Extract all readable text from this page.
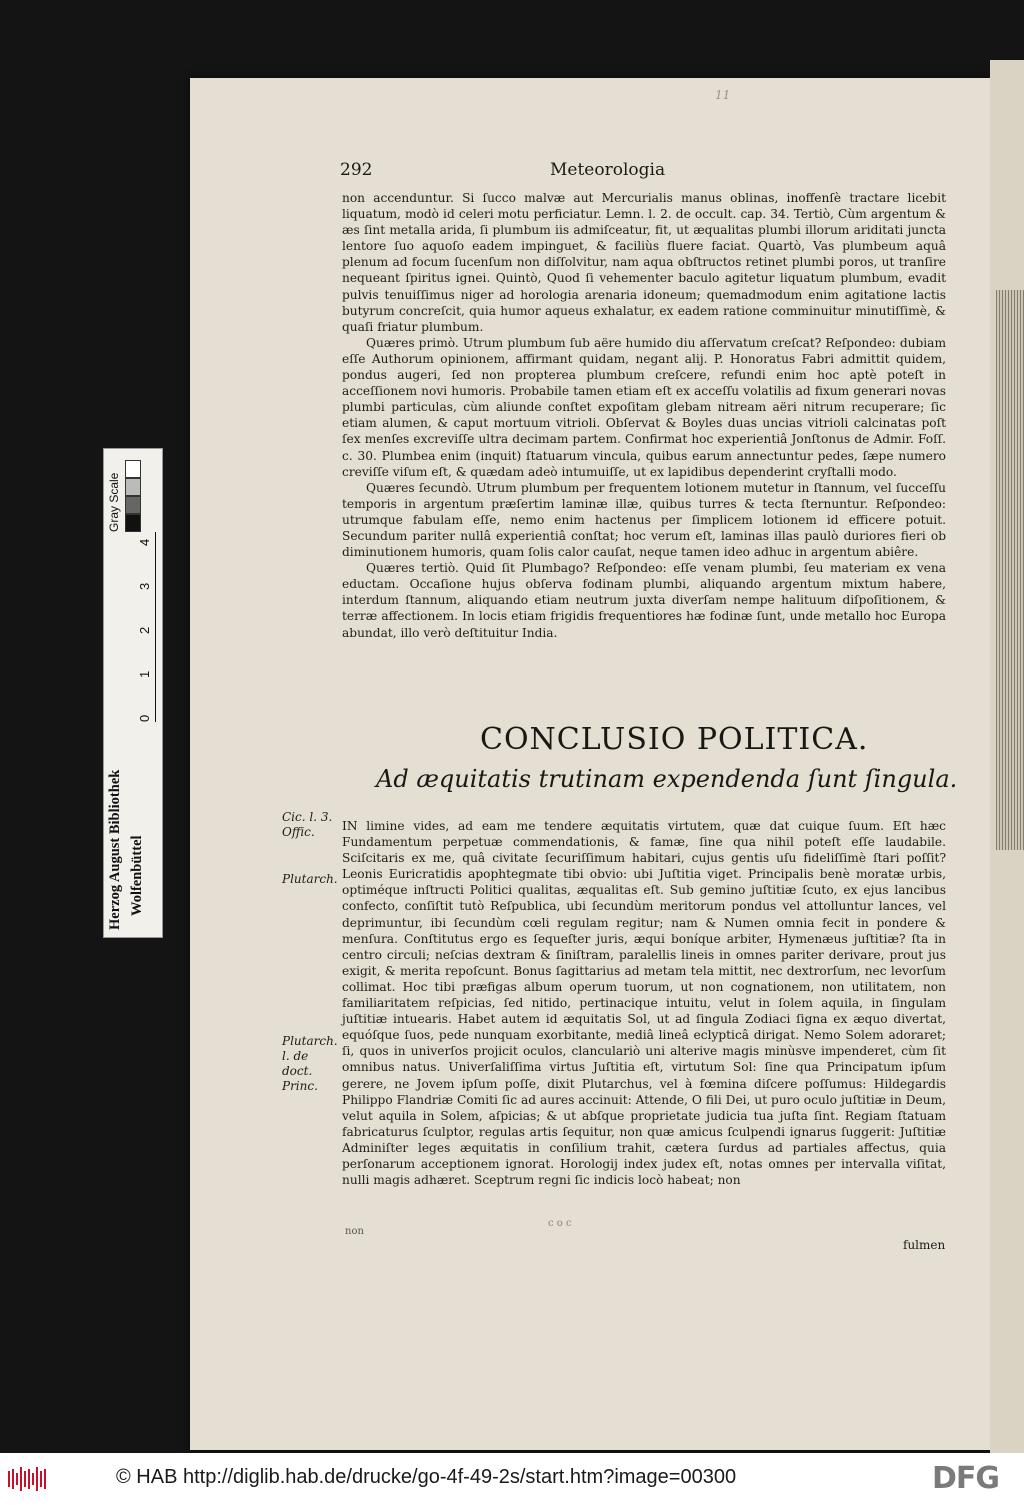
11
292	Meteorologia

non accenduntur. Si ſucco malvæ aut Mercurialis manus oblinas, inoffenſè tractare licebit liquatum, modò id celeri motu perficiatur. Lemn. l. 2. de occult. cap. 34. Tertiò, Cùm argentum & æs ſint metalla arida, ſi plumbum iis admiſceatur, fit, ut æqualitas plumbi illorum ariditati juncta lentore ſuo aquoſo eadem impinguet, & faciliùs fluere faciat. Quartò, Vas plumbeum aquâ plenum ad focum ſucenſum non diſſolvitur, nam aqua obſtructos retinet plumbi poros, ut tranſire nequeant ſpiritus ignei. Quintò, Quod ſi vehementer baculo agitetur liquatum plumbum, evadit pulvis tenuiſſimus niger ad horologia arenaria idoneum; quemadmodum enim agitatione lactis butyrum concreſcit, quia humor aqueus exhalatur, ex eadem ratione comminuitur minutiſſimè, & quaſi friatur plumbum.

Quæres primò. Utrum plumbum ſub aëre humido diu aſſervatum creſcat? Reſpondeo: dubiam eſſe Authorum opinionem, affirmant quidam, negant alij. P. Honoratus Fabri admittit quidem, pondus augeri, ſed non propterea plumbum creſcere, refundi enim hoc aptè poteſt in acceſſionem novi humoris. Probabile tamen etiam eſt ex acceſſu volatilis ad fixum generari novas plumbi particulas, cùm aliunde conſtet expoſitam glebam nitream aëri nitrum recuperare; ſic etiam alumen, & caput mortuum vitrioli. Obſervat & Boyles duas uncias vitrioli calcinatas poſt ſex menſes excreviſſe ultra decimam partem. Confirmat hoc experientiâ Jonſtonus de Admir. Foſſ. c. 30. Plumbea enim (inquit) ſtatuarum vincula, quibus earum annectuntur pedes, ſæpe numero creviſſe viſum eſt, & quædam adeò intumuiſſe, ut ex lapidibus dependerint cryſtalli modo.

Quæres ſecundò. Utrum plumbum per frequentem lotionem mutetur in ſtannum, vel ſucceſſu temporis in argentum præſertim laminæ illæ, quibus turres & tecta ſternuntur. Reſpondeo: utrumque fabulam eſſe, nemo enim hactenus per ſimplicem lotionem id efficere potuit. Secundum pariter nullâ experientiâ conſtat; hoc verum eſt, laminas illas paulò duriores fieri ob diminutionem humoris, quam ſolis calor cauſat, neque tamen ideo adhuc in argentum abiêre.

Quæres tertiò. Quid ſit Plumbago? Reſpondeo: eſſe venam plumbi, ſeu materiam ex vena eductam. Occaſione hujus obſerva fodinam plumbi, aliquando argentum mixtum habere, interdum ſtannum, aliquando etiam neutrum juxta diverſam nempe halituum diſpoſitionem, & terræ affectionem. In locis etiam frigidis frequentiores hæ fodinæ ſunt, unde metallo hoc Europa abundat, illo verò deſtituitur India.

CONCLUSIO POLITICA.
Ad æquitatis trutinam expendenda ſunt ſingula.
Cic. l. 3. Offic.
Plutarch.
Plutarch. l. de doct. Princ.

IN limine vides, ad eam me tendere æquitatis virtutem, quæ dat cuique ſuum. Eſt hæc Fundamentum perpetuæ commendationis, & famæ, ſine qua nihil poteſt eſſe laudabile. Sciſcitaris ex me, quâ civitate ſecuriſſimum habitari, cujus gentis uſu fideliſſimè ſtari poſſit? Leonis Euricratidis apophtegmate tibi obvio: ubi Juſtitia viget. Principalis benè moratæ urbis, optiméque inſtructi Politici qualitas, æqualitas eſt. Sub gemino juſtitiæ ſcuto, ex ejus lancibus confecto, conſiſtit tutò Reſpublica, ubi ſecundùm meritorum pondus vel attolluntur lances, vel deprimuntur, ibi ſecundùm cœli regulam regitur; nam & Numen omnia fecit in pondere & menſura. Conſtitutus ergo es ſequeſter juris, æqui boníque arbiter, Hymenæus juſtitiæ? ſta in centro circuli; neſcias dextram & ſiniſtram, paralellis lineis in omnes pariter derivare, prout jus exigit, & merita repoſcunt. Bonus ſagittarius ad metam tela mittit, nec dextrorſum, nec levorſum collimat. Hoc tibi præfigas album operum tuorum, ut non cognationem, non utilitatem, non familiaritatem reſpicias, ſed nitido, pertinacique intuitu, velut in ſolem aquila, in ſingulam juſtitiæ intuearis. Habet autem id æquitatis Sol, ut ad ſingula Zodiaci ſigna ex æquo divertat, equóſque ſuos, pede nunquam exorbitante, mediâ lineâ eclypticâ dirigat. Nemo Solem adoraret; ſi, quos in univerſos projicit oculos, clanculariò uni alterive magis minùsve impenderet, cùm ſit omnibus natus. Univerſaliſſima virtus Juſtitia eſt, virtutum Sol: ſine qua Principatum ipſum gerere, ne Jovem ipſum poſſe, dixit Plutarchus, vel à fœmina diſcere poſſumus: Hildegardis Philippo Flandriæ Comiti ſic ad aures accinuit: Attende, O fili Dei, ut puro oculo juſtitiæ in Deum, velut aquila in Solem, aſpicias; & ut abſque proprietate judicia tua juſta ſint. Regiam ſtatuam fabricaturus ſculptor, regulas artis ſequitur, non quæ amicus ſculpendi ignarus ſuggerit: Juſtitiæ Adminiſter leges æquitatis in conſilium trahit, cætera ſurdus ad partiales affectus, quia perſonarum acceptionem ignorat. Horologij index judex eſt, notas omnes per intervalla viſitat, nulli magis adhæret. Sceptrum regni ſic indicis locò habeat; non

non
c o c
fulmen
Herzog August Bibliothek Wolfenbüttel
0
1
2
3
4
Gray Scale
© HAB http://diglib.hab.de/drucke/go-4f-49-2s/start.htm?image=00300	DFG
